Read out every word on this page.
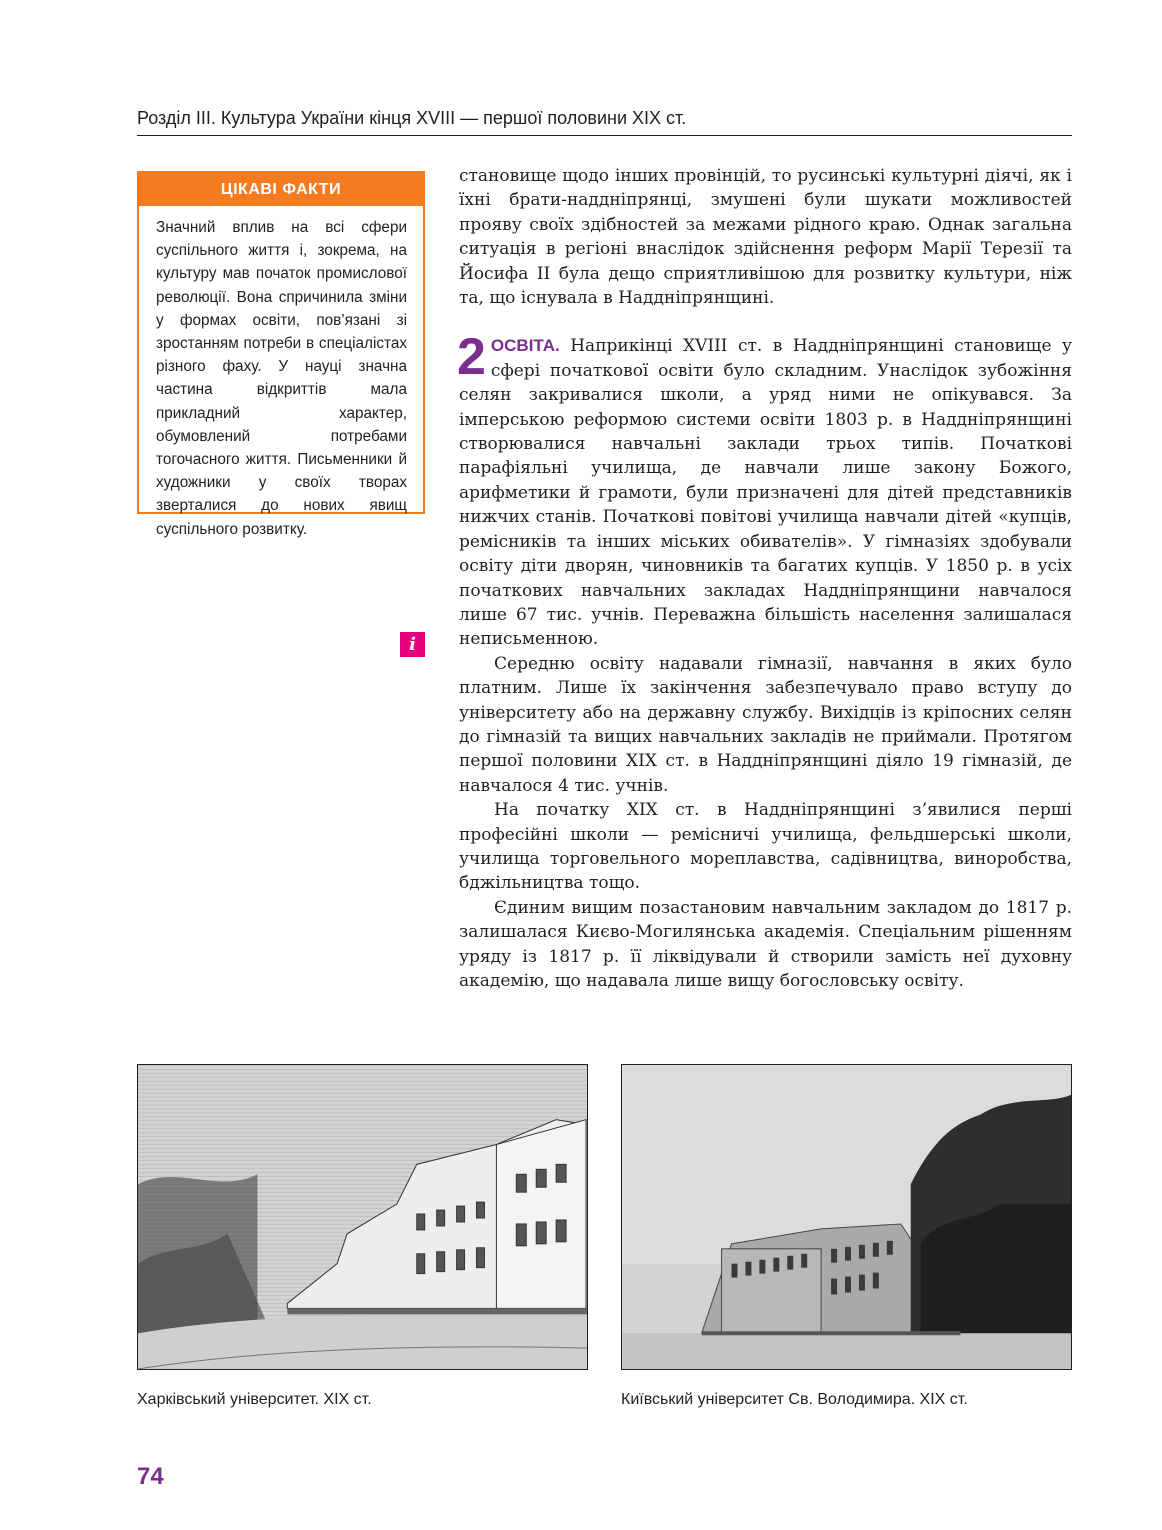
Розділ ІІІ. Культура України кінця XVIII — першої половини XIX ст.
ЦІКАВІ ФАКТИ
Значний вплив на всі сфери суспільного життя і, зокрема, на культуру мав початок промислової революції. Вона спричинила зміни у формах освіти, пов’язані зі зростанням потреби в спеціалістах різного фаху. У науці значна частина відкриттів мала прикладний характер, обумовлений потребами тогочасного життя. Письменники й художники у своїх творах зверталися до нових явищ суспільного розвитку.
i

становище щодо інших провінцій, то русинські культурні діячі, як і їхні брати-наддніпрянці, змушені були шукати можливостей прояву своїх здібностей за межами рідного краю. Однак загальна ситуація в регіоні внаслідок здійснення реформ Марії Терезії та Йосифа ІІ була дещо сприятливішою для розвитку культури, ніж та, що існувала в Наддніпрянщині.

2 ОСВІТА. Наприкінці XVIII ст. в Наддніпрянщині становище у сфері початкової освіти було складним. Унаслідок зубожіння селян закривалися школи, а уряд ними не опікувався. За імперською реформою системи освіти 1803 р. в Наддніпрянщині створювалися навчальні заклади трьох типів. Початкові парафіяльні училища, де навчали лише закону Божого, арифметики й грамоти, були призначені для дітей представників нижчих станів. Початкові повітові училища навчали дітей «купців, ремісників та інших міських обивателів». У гімназіях здобували освіту діти дворян, чиновників та багатих купців. У 1850 р. в усіх початкових навчальних закладах Наддніпрянщини навчалося лише 67 тис. учнів. Переважна більшість населення залишалася неписьменною.

Середню освіту надавали гімназії, навчання в яких було платним. Лише їх закінчення забезпечувало право вступу до університету або на державну службу. Вихідців із кріпосних селян до гімназій та вищих навчальних закладів не приймали. Протягом першої половини XIX ст. в Наддніпрянщині діяло 19 гімназій, де навчалося 4 тис. учнів.

На початку XIX ст. в Наддніпрянщині з’явилися перші професійні школи — ремісничі училища, фельдшерські школи, училища торговельного мореплавства, садівництва, виноробства, бджільництва тощо.

Єдиним вищим позастановим навчальним закладом до 1817 р. залишалася Києво-Могилянська академія. Спеціальним рішенням уряду із 1817 р. її ліквідували й створили замість неї духовну академію, що надавала лише вищу богословську освіту.

Харківський університет. XIX ст.	Київський університет Св. Володимира. XIX ст.
74
